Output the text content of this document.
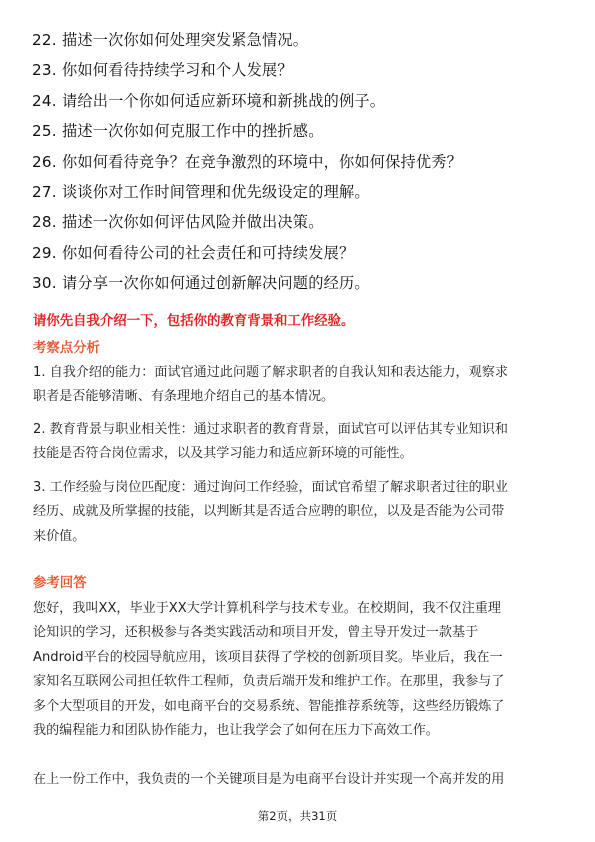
22. 描述一次你如何处理突发紧急情况。
23. 你如何看待持续学习和个人发展？
24. 请给出一个你如何适应新环境和新挑战的例子。
25. 描述一次你如何克服工作中的挫折感。
26. 你如何看待竞争？在竞争激烈的环境中，你如何保持优秀？
27. 谈谈你对工作时间管理和优先级设定的理解。
28. 描述一次你如何评估风险并做出决策。
29. 你如何看待公司的社会责任和可持续发展？
30. 请分享一次你如何通过创新解决问题的经历。
请你先自我介绍一下，包括你的教育背景和工作经验。
考察点分析

1. 自我介绍的能力：面试官通过此问题了解求职者的自我认知和表达能力，观察求
职者是否能够清晰、有条理地介绍自己的基本情况。

2. 教育背景与职业相关性：通过求职者的教育背景，面试官可以评估其专业知识和
技能是否符合岗位需求，以及其学习能力和适应新环境的可能性。

3. 工作经验与岗位匹配度：通过询问工作经验，面试官希望了解求职者过往的职业
经历、成就及所掌握的技能，以判断其是否适合应聘的职位，以及是否能为公司带
来价值。

参考回答

您好，我叫XX，毕业于XX大学计算机科学与技术专业。在校期间，我不仅注重理
论知识的学习，还积极参与各类实践活动和项目开发，曾主导开发过一款基于
Android平台的校园导航应用，该项目获得了学校的创新项目奖。毕业后，我在一
家知名互联网公司担任软件工程师，负责后端开发和维护工作。在那里，我参与了
多个大型项目的开发，如电商平台的交易系统、智能推荐系统等，这些经历锻炼了
我的编程能力和团队协作能力，也让我学会了如何在压力下高效工作。

在上一份工作中，我负责的一个关键项目是为电商平台设计并实现一个高并发的用

第2页，共31页
